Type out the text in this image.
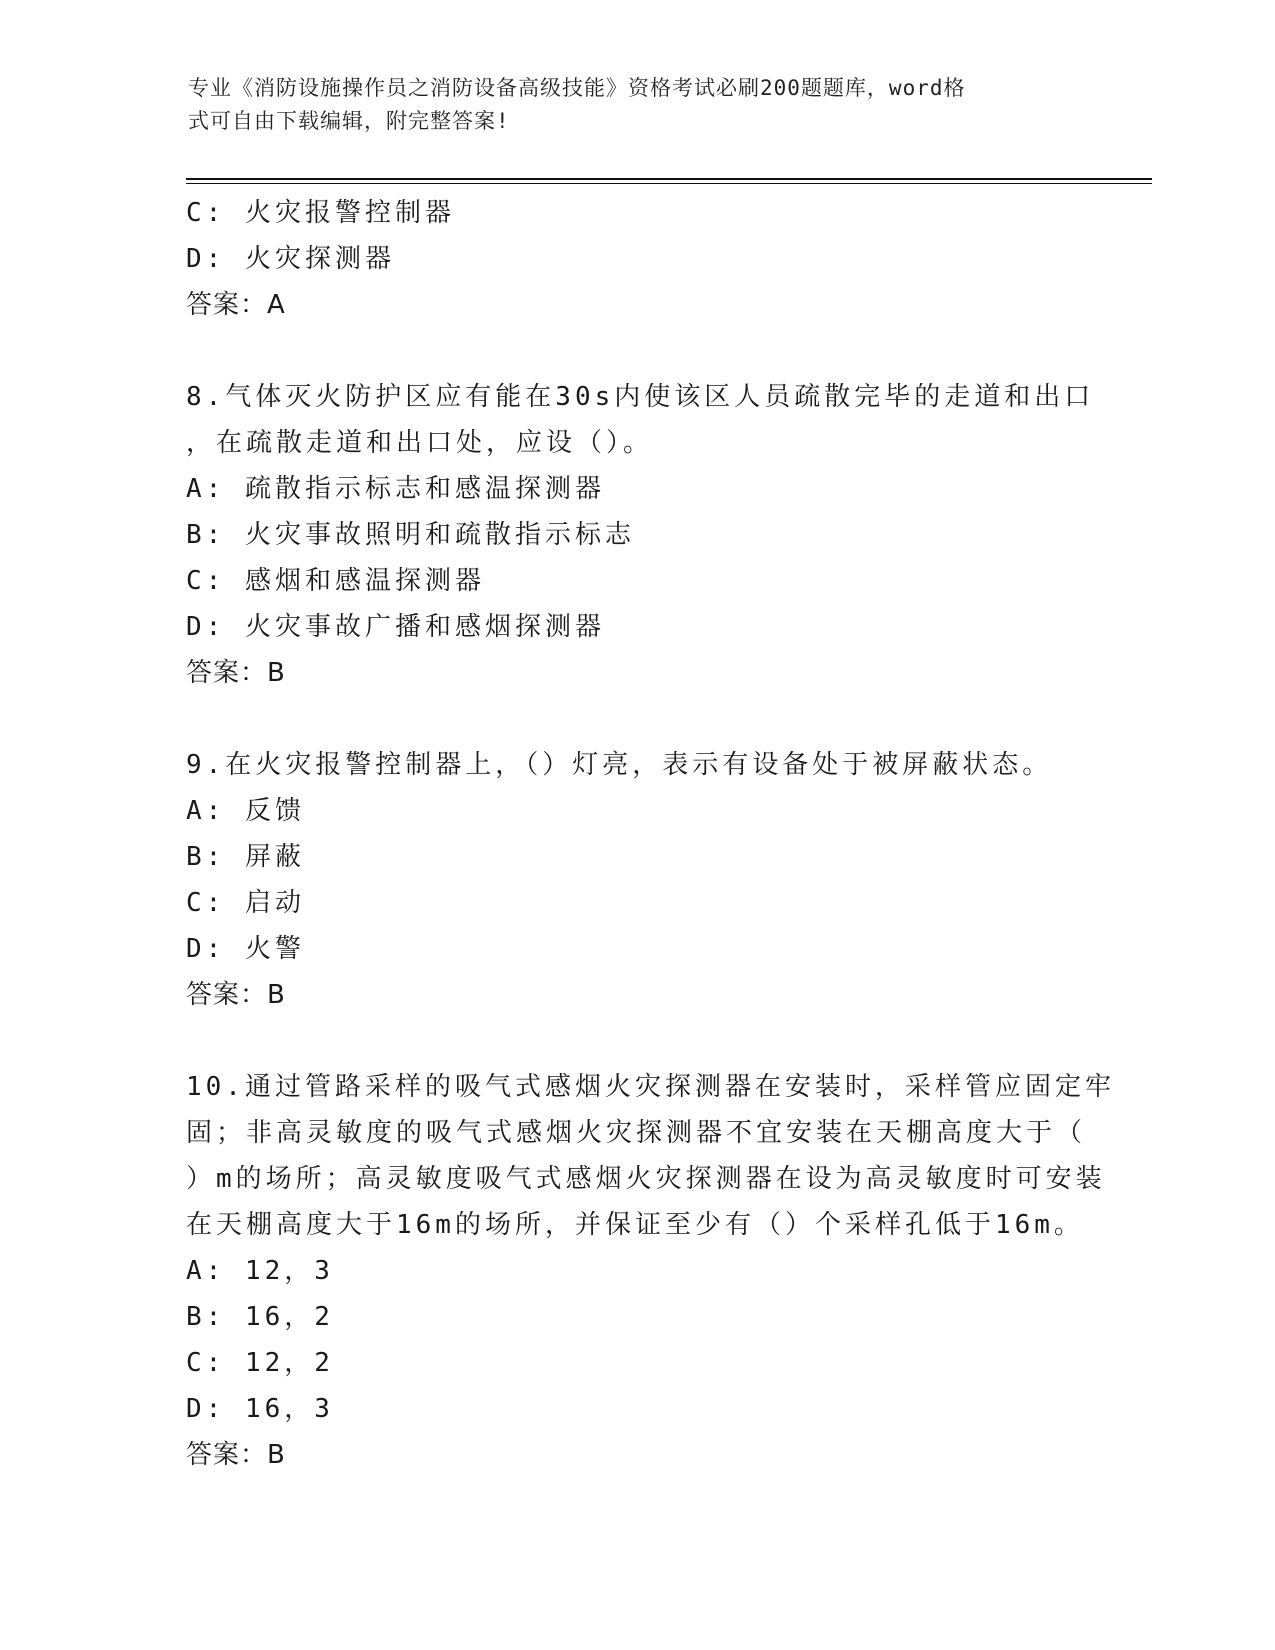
专业《消防设施操作员之消防设备高级技能》资格考试必刷200题题库，word格
式可自由下载编辑，附完整答案!
C: 火灾报警控制器
D: 火灾探测器
答案：A
8.气体灭火防护区应有能在30s内使该区人员疏散完毕的走道和出口
，在疏散走道和出口处，应设（）。
A: 疏散指示标志和感温探测器
B: 火灾事故照明和疏散指示标志
C: 感烟和感温探测器
D: 火灾事故广播和感烟探测器
答案：B
9.在火灾报警控制器上，（）灯亮，表示有设备处于被屏蔽状态。
A: 反馈
B: 屏蔽
C: 启动
D: 火警
答案：B
10.通过管路采样的吸气式感烟火灾探测器在安装时，采样管应固定牢
固；非高灵敏度的吸气式感烟火灾探测器不宜安装在天棚高度大于（
）m的场所；高灵敏度吸气式感烟火灾探测器在设为高灵敏度时可安装
在天棚高度大于16m的场所，并保证至少有（）个采样孔低于16m。
A: 12，3
B: 16，2
C: 12，2
D: 16，3
答案：B
